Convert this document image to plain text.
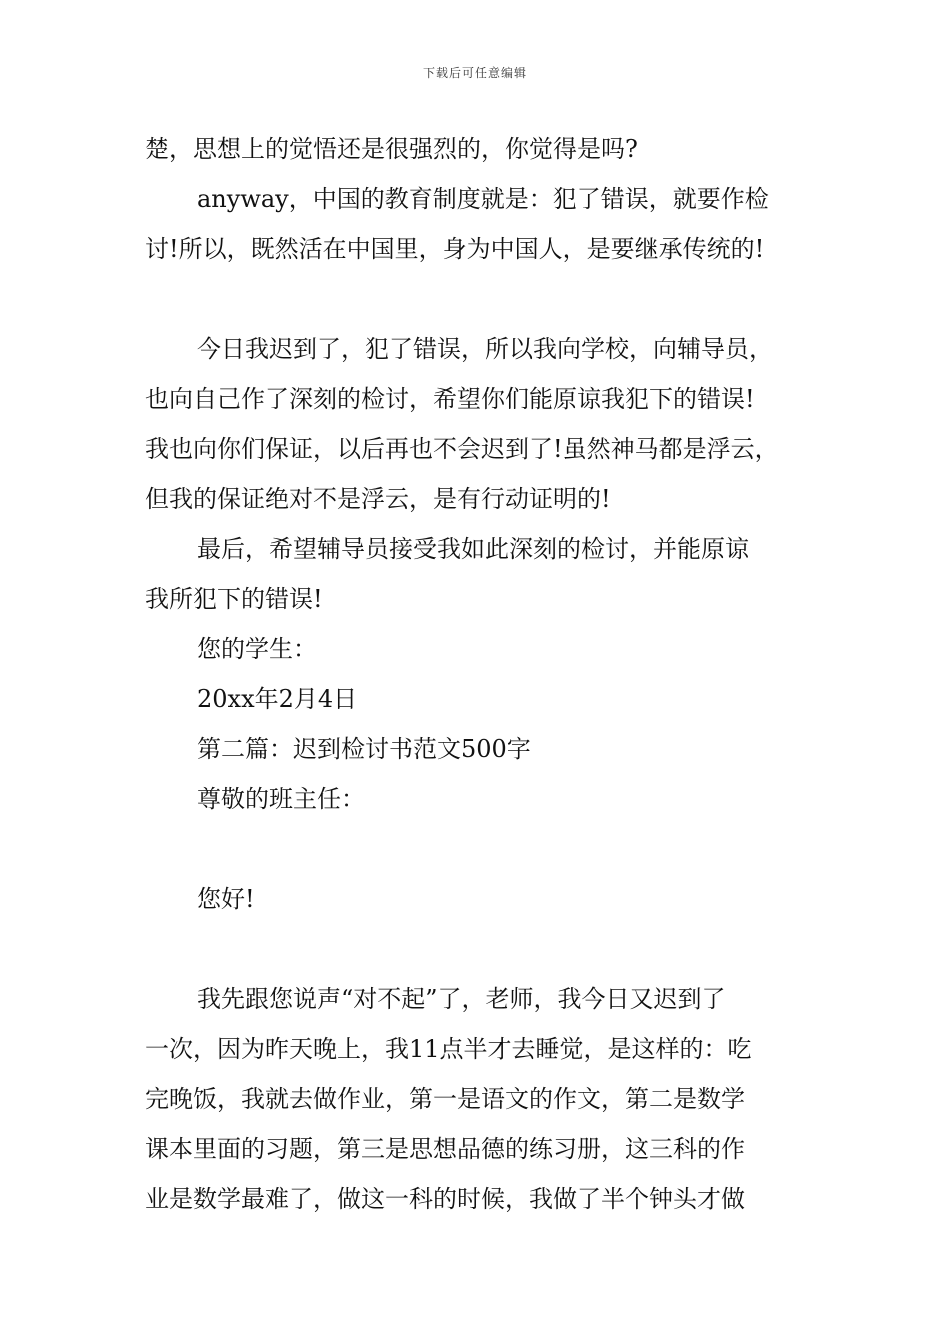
下载后可任意编辑
楚，思想上的觉悟还是很强烈的，你觉得是吗?
anyway，中国的教育制度就是：犯了错误，就要作检
讨!所以，既然活在中国里，身为中国人，是要继承传统的!
今日我迟到了，犯了错误，所以我向学校，向辅导员，
也向自己作了深刻的检讨，希望你们能原谅我犯下的错误!
我也向你们保证，以后再也不会迟到了!虽然神马都是浮云，
但我的保证绝对不是浮云，是有行动证明的!
最后，希望辅导员接受我如此深刻的检讨，并能原谅
我所犯下的错误!
您的学生：
20xx年2月4日
第二篇：迟到检讨书范文500字
尊敬的班主任：
您好!
我先跟您说声“对不起”了，老师，我今日又迟到了
一次，因为昨天晚上，我11点半才去睡觉，是这样的：吃
完晚饭，我就去做作业，第一是语文的作文，第二是数学
课本里面的习题，第三是思想品德的练习册，这三科的作
业是数学最难了，做这一科的时候，我做了半个钟头才做
